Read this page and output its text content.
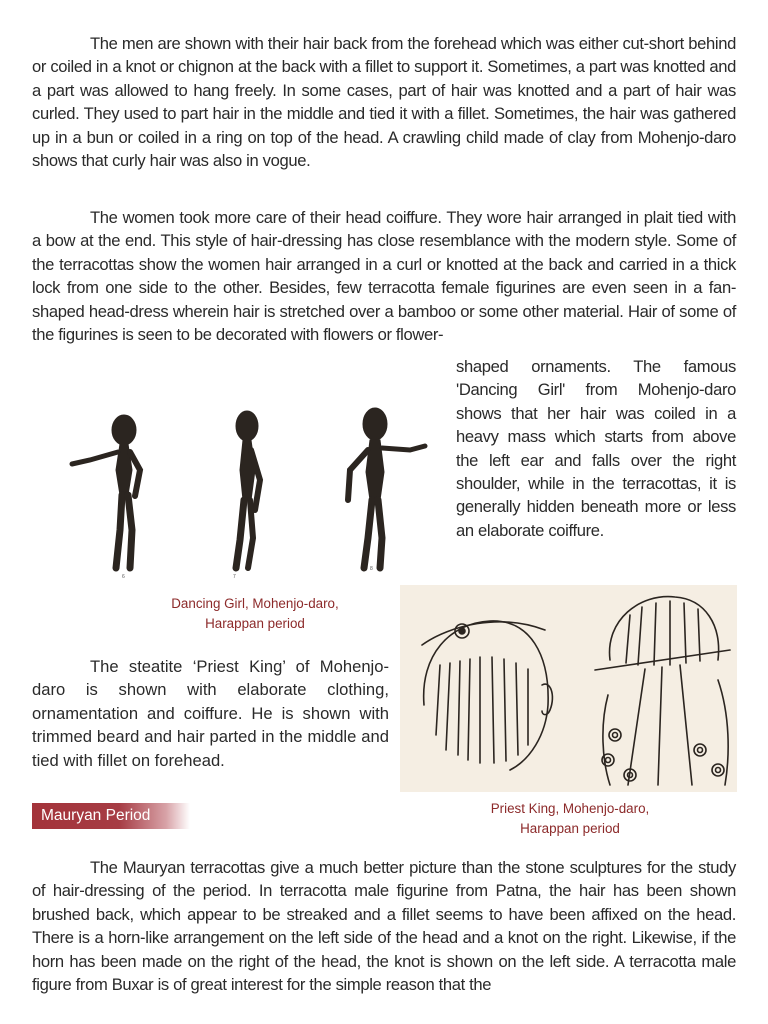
The men are shown with their hair back from the forehead which was either cut-short behind or coiled in a knot or chignon at the back with a fillet to support it. Sometimes, a part was knotted and a part was allowed to hang freely. In some cases, part of hair was knotted and a part of hair was curled. They used to part hair in the middle and tied it with a fillet. Sometimes, the hair was gathered up in a bun or coiled in a ring on top of the head. A crawling child made of clay from Mohenjo-daro shows that curly hair was also in vogue.

The women took more care of their head coiffure. They wore hair arranged in plait tied with a bow at the end. This style of hair-dressing has close resemblance with the modern style. Some of the terracottas show the women hair arranged in a curl or knotted at the back and carried in a thick lock from one side to the other. Besides, few terracotta female figurines are even seen in a fan-shaped head-dress wherein hair is stretched over a bamboo or some other material. Hair of some of the figurines is seen to be decorated with flowers or flower-

shaped ornaments. The famous 'Dancing Girl' from Mohenjo-daro shows that her hair was coiled in a heavy mass which starts from above the left ear and falls over the right shoulder, while in the terracottas, it is generally hidden beneath more or less an elaborate coiffure.

6	7
8
Dancing Girl, Mohenjo-daro,
Harappan period

The steatite ‘Priest King’ of Mohenjo-daro is shown with elaborate clothing, ornamentation and coiffure. He is shown with trimmed beard and hair parted in the middle and tied with fillet on forehead.

Mauryan Period	Priest King, Mohenjo-daro,
Harappan period

The Mauryan terracottas give a much better picture than the stone sculptures for the study of hair-dressing of the period. In terracotta male figurine from Patna, the hair has been shown brushed back, which appear to be streaked and a fillet seems to have been affixed on the head. There is a horn-like arrangement on the left side of the head and a knot on the right. Likewise, if the horn has been made on the right of the head, the knot is shown on the left side. A terracotta male figure from Buxar is of great interest for the simple reason that the
